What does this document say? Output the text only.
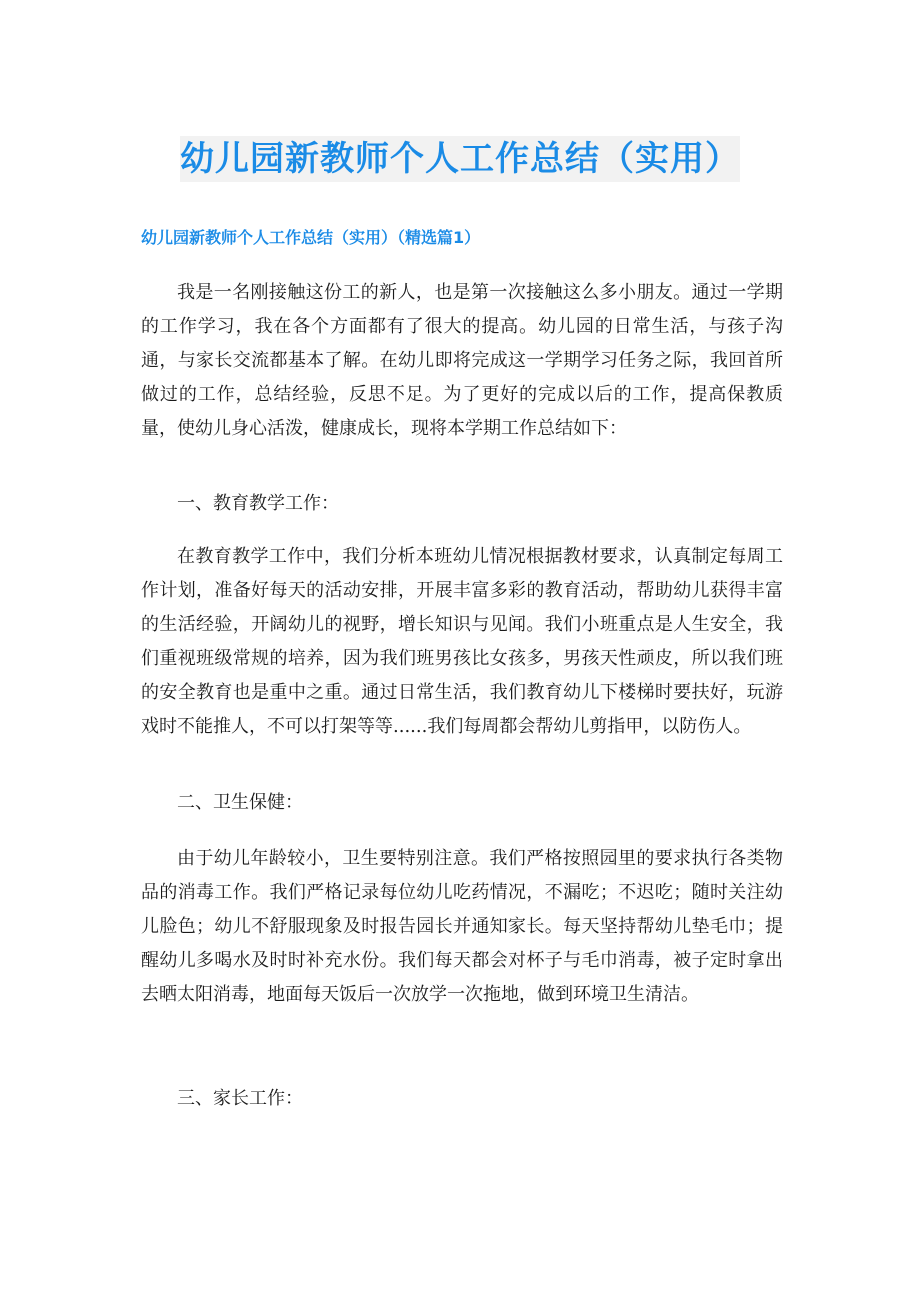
幼儿园新教师个人工作总结（实用）
幼儿园新教师个人工作总结（实用）（精选篇1）

我是一名刚接触这份工的新人，也是第一次接触这么多小朋友。通过一学期的工作学习，我在各个方面都有了很大的提高。幼儿园的日常生活，与孩子沟通，与家长交流都基本了解。在幼儿即将完成这一学期学习任务之际，我回首所做过的工作，总结经验，反思不足。为了更好的完成以后的工作，提高保教质量，使幼儿身心活泼，健康成长，现将本学期工作总结如下：

一、教育教学工作：

在教育教学工作中，我们分析本班幼儿情况根据教材要求，认真制定每周工作计划，准备好每天的活动安排，开展丰富多彩的教育活动，帮助幼儿获得丰富的生活经验，开阔幼儿的视野，增长知识与见闻。我们小班重点是人生安全，我们重视班级常规的培养，因为我们班男孩比女孩多，男孩天性顽皮，所以我们班的安全教育也是重中之重。通过日常生活，我们教育幼儿下楼梯时要扶好，玩游戏时不能推人，不可以打架等等......我们每周都会帮幼儿剪指甲，以防伤人。

二、卫生保健：

由于幼儿年龄较小，卫生要特别注意。我们严格按照园里的要求执行各类物品的消毒工作。我们严格记录每位幼儿吃药情况，不漏吃；不迟吃；随时关注幼儿脸色；幼儿不舒服现象及时报告园长并通知家长。每天坚持帮幼儿垫毛巾；提醒幼儿多喝水及时时补充水份。我们每天都会对杯子与毛巾消毒，被子定时拿出去晒太阳消毒，地面每天饭后一次放学一次拖地，做到环境卫生清洁。

三、家长工作：
